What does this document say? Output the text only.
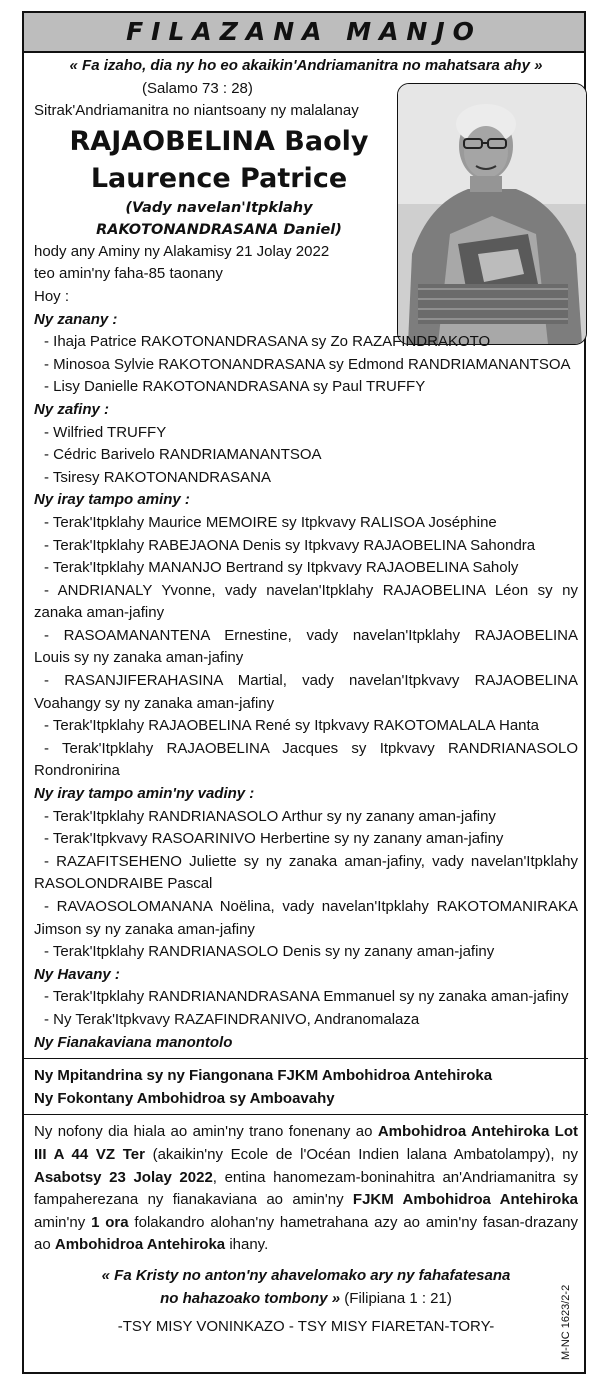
FILAZANA MANJO
« Fa izaho, dia ny ho eo akaikin'Andriamanitra no mahatsara ahy »
(Salamo 73 : 28)
Sitrak'Andriamanitra no niantsoany ny malalanay
RAJAOBELINA Baoly
Laurence Patrice
(Vady navelan'Itpklahy
RAKOTONANDRASANA Daniel)
hody any Aminy ny Alakamisy 21 Jolay 2022
teo amin'ny faha-85 taonany
Hoy :
Ny zanany :
- Ihaja Patrice RAKOTONANDRASANA sy Zo RAZAFINDRAKOTO
- Minosoa Sylvie RAKOTONANDRASANA sy Edmond RANDRIAMANANTSOA
- Lisy Danielle RAKOTONANDRASANA sy Paul TRUFFY
Ny zafiny :
- Wilfried TRUFFY
- Cédric Barivelo RANDRIAMANANTSOA
- Tsiresy RAKOTONANDRASANA
Ny iray tampo aminy :
- Terak'Itpklahy Maurice MEMOIRE sy Itpkvavy RALISOA Joséphine
- Terak'Itpklahy RABEJAONA Denis sy Itpkvavy RAJAOBELINA Sahondra
- Terak'Itpklahy MANANJO Bertrand sy Itpkvavy RAJAOBELINA Saholy
- ANDRIANALY Yvonne, vady navelan'Itpklahy RAJAOBELINA Léon sy ny
zanaka aman-jafiny
- RASOAMANANTENA Ernestine, vady navelan'Itpklahy RAJAOBELINA
Louis sy ny zanaka aman-jafiny
- RASANJIFERAHASINA Martial, vady navelan'Itpkvavy RAJAOBELINA
Voahangy sy ny zanaka aman-jafiny
- Terak'Itpklahy RAJAOBELINA René sy Itpkvavy RAKOTOMALALA Hanta
- Terak'Itpklahy RAJAOBELINA Jacques sy Itpkvavy RANDRIANASOLO
Rondronirina
Ny iray tampo amin'ny vadiny :
- Terak'Itpklahy RANDRIANASOLO Arthur sy ny zanany aman-jafiny
- Terak'Itpkvavy RASOARINIVO Herbertine sy ny zanany aman-jafiny
- RAZAFITSEHENO Juliette sy ny zanaka aman-jafiny, vady navelan'Itpklahy
RASOLONDRAIBE Pascal
- RAVAOSOLOMANANA Noëlina, vady navelan'Itpklahy RAKOTOMANIRAKA
Jimson sy ny zanaka aman-jafiny
- Terak'Itpklahy RANDRIANASOLO Denis sy ny zanany aman-jafiny
Ny Havany :
- Terak'Itpklahy RANDRIANANDRASANA Emmanuel sy ny zanaka aman-jafiny
- Ny Terak'Itpkvavy RAZAFINDRANIVO, Andranomalaza
Ny Fianakaviana manontolo
Ny Mpitandrina sy ny Fiangonana FJKM Ambohidroa Antehiroka
Ny Fokontany Ambohidroa sy Amboavahy
Ny nofony dia hiala ao amin'ny trano fonenany ao Ambohidroa Antehiroka Lot
III A 44 VZ Ter (akaikin'ny Ecole de l'Océan Indien lalana Ambatolampy), ny
Asabotsy 23 Jolay 2022, entina hanomezam-boninahitra an'Andriamanitra sy
fampaherezana ny fianakaviana ao amin'ny FJKM Ambohidroa Antehiroka
amin'ny 1 ora folakandro alohan'ny hametrahana azy ao amin'ny fasan-drazany
ao Ambohidroa Antehiroka ihany.
« Fa Kristy no anton'ny ahavelomako ary ny fahafatesana
no hahazoako tombony » (Filipiana 1 : 21)
-TSY MISY VONINKAZO - TSY MISY FIARETAN-TORY-	M-NC 1623/2-2
